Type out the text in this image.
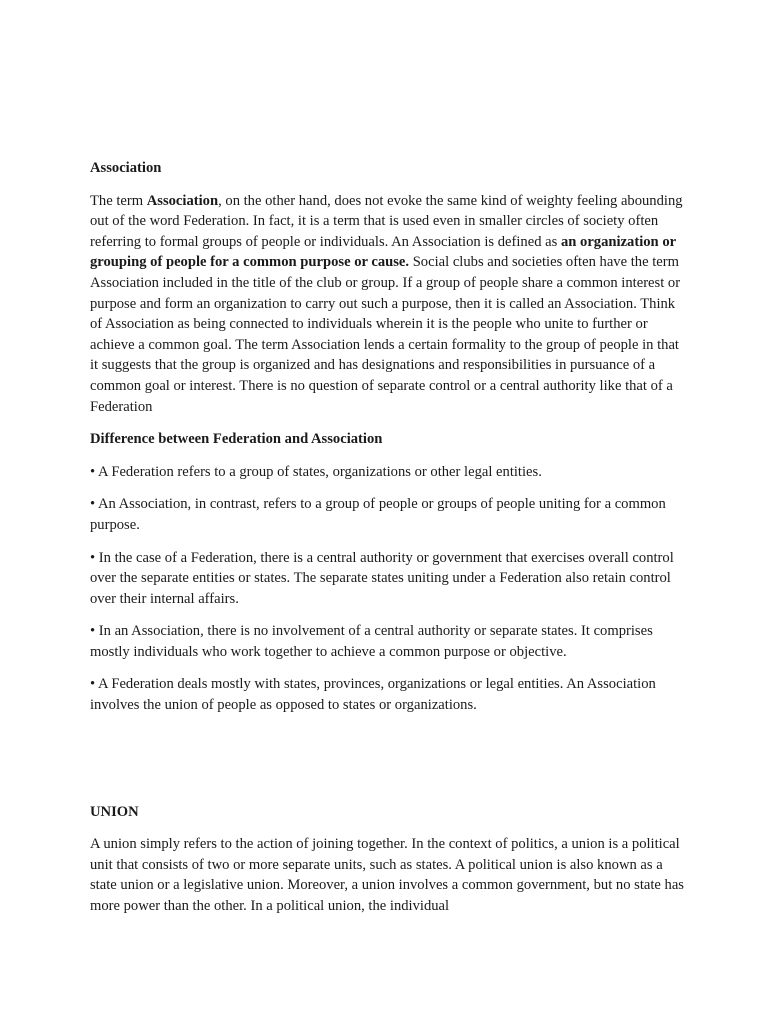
Association

The term Association, on the other hand, does not evoke the same kind of weighty feeling abounding out of the word Federation. In fact, it is a term that is used even in smaller circles of society often referring to formal groups of people or individuals. An Association is defined as an organization or grouping of people for a common purpose or cause. Social clubs and societies often have the term Association included in the title of the club or group. If a group of people share a common interest or purpose and form an organization to carry out such a purpose, then it is called an Association. Think of Association as being connected to individuals wherein it is the people who unite to further or achieve a common goal. The term Association lends a certain formality to the group of people in that it suggests that the group is organized and has designations and responsibilities in pursuance of a common goal or interest. There is no question of separate control or a central authority like that of a Federation

Difference between Federation and Association

• A Federation refers to a group of states, organizations or other legal entities.

• An Association, in contrast, refers to a group of people or groups of people uniting for a common purpose.

• In the case of a Federation, there is a central authority or government that exercises overall control over the separate entities or states. The separate states uniting under a Federation also retain control over their internal affairs.

• In an Association, there is no involvement of a central authority or separate states. It comprises mostly individuals who work together to achieve a common purpose or objective.

• A Federation deals mostly with states, provinces, organizations or legal entities. An Association involves the union of people as opposed to states or organizations.

UNION

A union simply refers to the action of joining together. In the context of politics, a union is a political unit that consists of two or more separate units, such as states. A political union is also known as a state union or a legislative union. Moreover, a union involves a common government, but no state has more power than the other. In a political union, the individual
